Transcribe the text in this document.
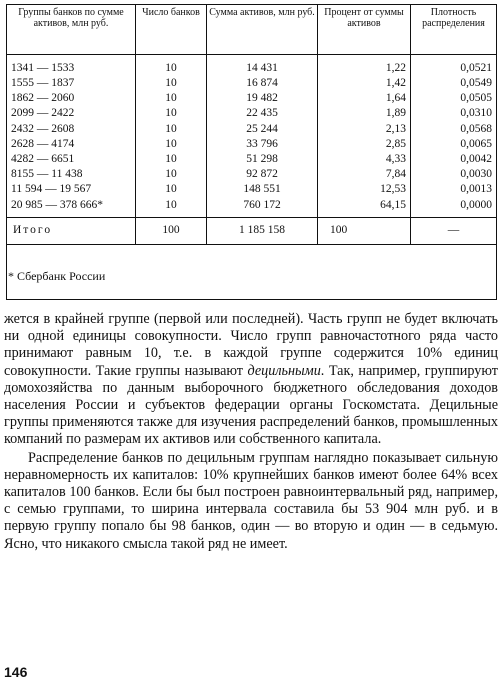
Группы банков по сумме активов, млн руб.	Число банков	Сумма активов, млн руб.	Процент от суммы активов	Плотность распределения
1341 — 1533	10	14 431	1,22	0,0521
1555 — 1837	10	16 874	1,42	0,0549
1862 — 2060	10	19 482	1,64	0,0505
2099 — 2422	10	22 435	1,89	0,0310
2432 — 2608	10	25 244	2,13	0,0568
2628 — 4174	10	33 796	2,85	0,0065
4282 — 6651	10	51 298	4,33	0,0042
8155 — 11 438	10	92 872	7,84	0,0030
11 594 — 19 567	10	148 551	12,53	0,0013
20 985 — 378 666*	10	760 172	64,15	0,0000
Итого	100	1 185 158	100	—
* Сбербанк России

жется в крайней группе (первой или последней). Часть групп не будет включать ни одной единицы совокупности. Число групп равночастотного ряда часто принимают равным 10, т.е. в каждой группе содержится 10% единиц совокупности. Такие группы называют децильными. Так, например, группируют домохозяйства по данным выборочного бюджетного обследования доходов населения России и субъектов федерации органы Госкомстата. Децильные группы применяются также для изучения распределений банков, промышленных компаний по размерам их активов или собственного капитала.

Распределение банков по децильным группам наглядно показывает сильную неравномерность их капиталов: 10% крупнейших банков имеют более 64% всех капиталов 100 банков. Если бы был построен равноинтервальный ряд, например, с семью группами, то ширина интервала составила бы 53 904 млн руб. и в первую группу попало бы 98 банков, один — во вторую и один — в седьмую. Ясно, что никакого смысла такой ряд не имеет.

146
